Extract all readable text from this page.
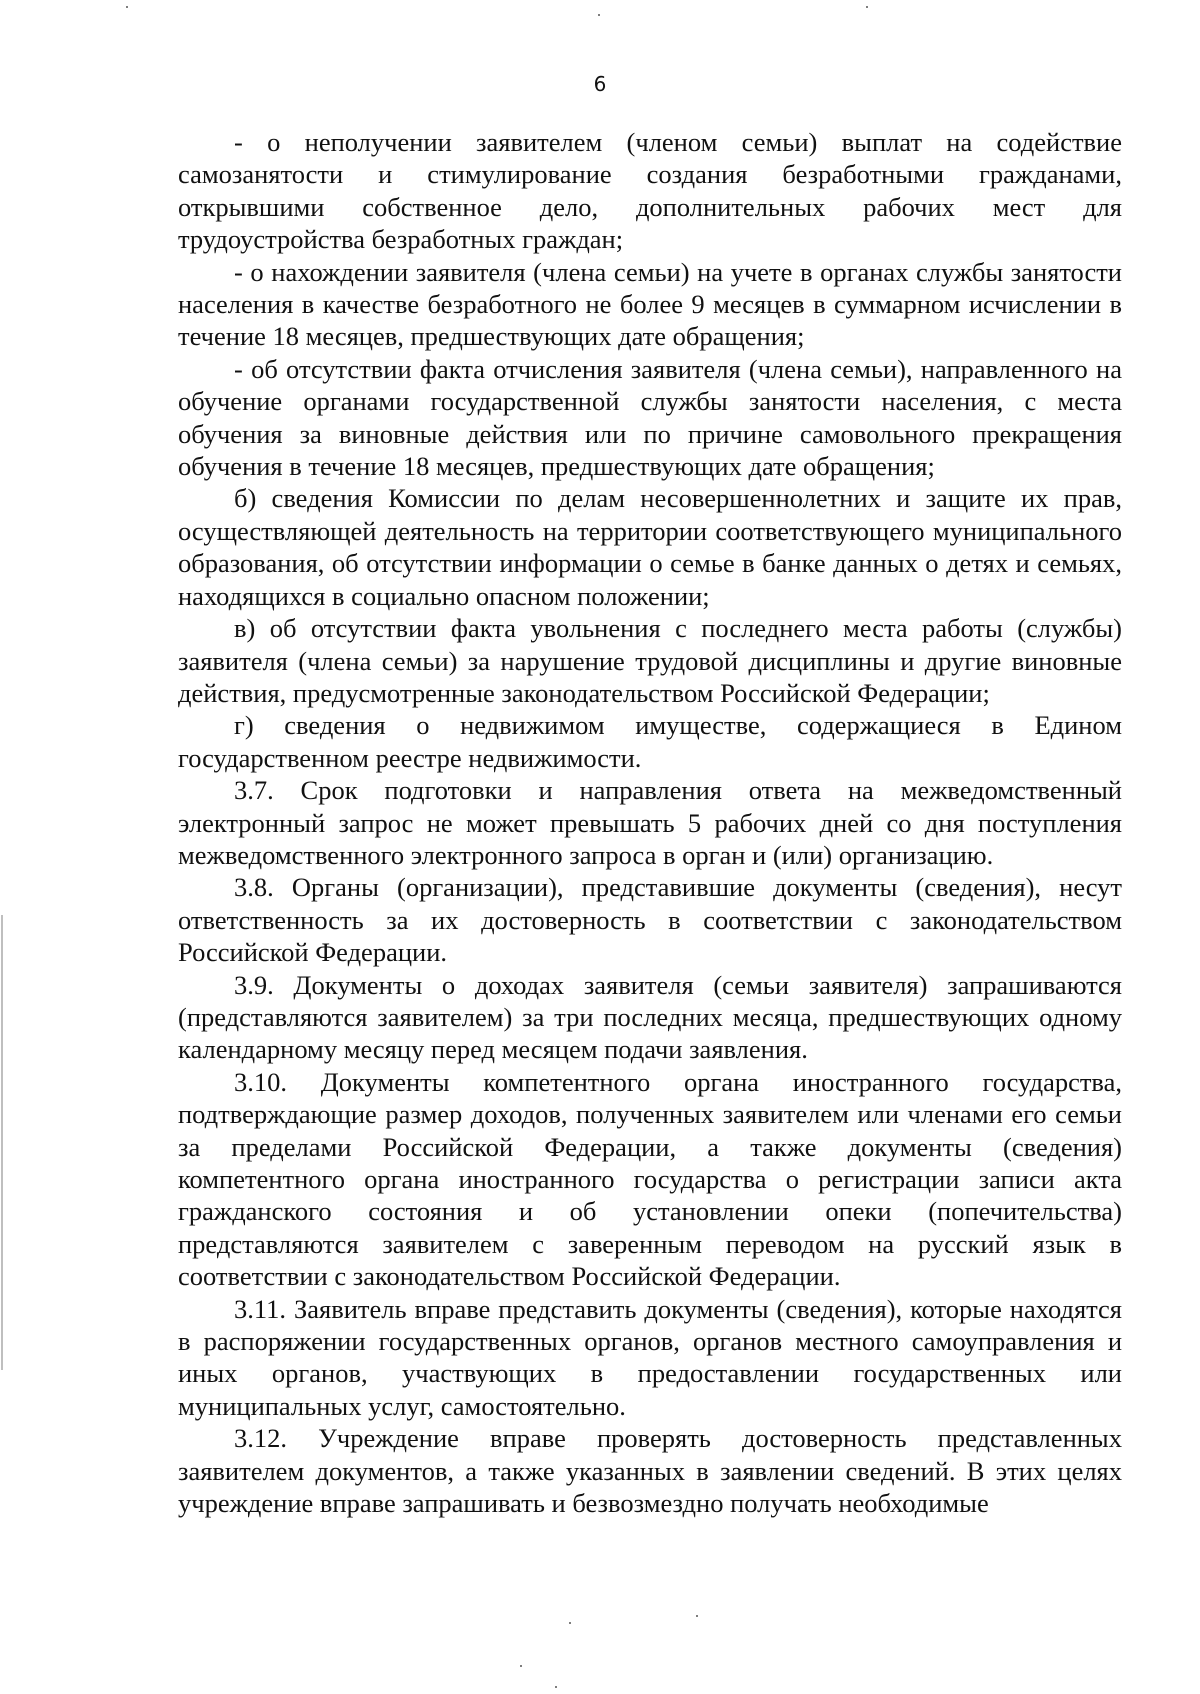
6

- о неполучении заявителем (членом семьи) выплат на содействие самозанятости и стимулирование создания безработными гражданами, открывшими собственное дело, дополнительных рабочих мест для трудоустройства безработных граждан;

- о нахождении заявителя (члена семьи) на учете в органах службы занятости населения в качестве безработного не более 9 месяцев в суммарном исчислении в течение 18 месяцев, предшествующих дате обращения;

- об отсутствии факта отчисления заявителя (члена семьи), направленного на обучение органами государственной службы занятости населения, с места обучения за виновные действия или по причине самовольного прекращения обучения в течение 18 месяцев, предшествующих дате обращения;

б) сведения Комиссии по делам несовершеннолетних и защите их прав, осуществляющей деятельность на территории соответствующего муниципального образования, об отсутствии информации о семье в банке данных о детях и семьях, находящихся в социально опасном положении;

в) об отсутствии факта увольнения с последнего места работы (службы) заявителя (члена семьи) за нарушение трудовой дисциплины и другие виновные действия, предусмотренные законодательством Российской Федерации;

г) сведения о недвижимом имуществе, содержащиеся в Едином государственном реестре недвижимости.

3.7. Срок подготовки и направления ответа на межведомственный электронный запрос не может превышать 5 рабочих дней со дня поступления межведомственного электронного запроса в орган и (или) организацию.

3.8. Органы (организации), представившие документы (сведения), несут ответственность за их достоверность в соответствии с законодательством Российской Федерации.

3.9. Документы о доходах заявителя (семьи заявителя) запрашиваются (представляются заявителем) за три последних месяца, предшествующих одному календарному месяцу перед месяцем подачи заявления.

3.10. Документы компетентного органа иностранного государства, подтверждающие размер доходов, полученных заявителем или членами его семьи за пределами Российской Федерации, а также документы (сведения) компетентного органа иностранного государства о регистрации записи акта гражданского состояния и об установлении опеки (попечительства) представляются заявителем с заверенным переводом на русский язык в соответствии с законодательством Российской Федерации.

3.11. Заявитель вправе представить документы (сведения), которые находятся в распоряжении государственных органов, органов местного самоуправления и иных органов, участвующих в предоставлении государственных или муниципальных услуг, самостоятельно.

3.12. Учреждение вправе проверять достоверность представленных заявителем документов, а также указанных в заявлении сведений. В этих целях учреждение вправе запрашивать и безвозмездно получать необходимые
